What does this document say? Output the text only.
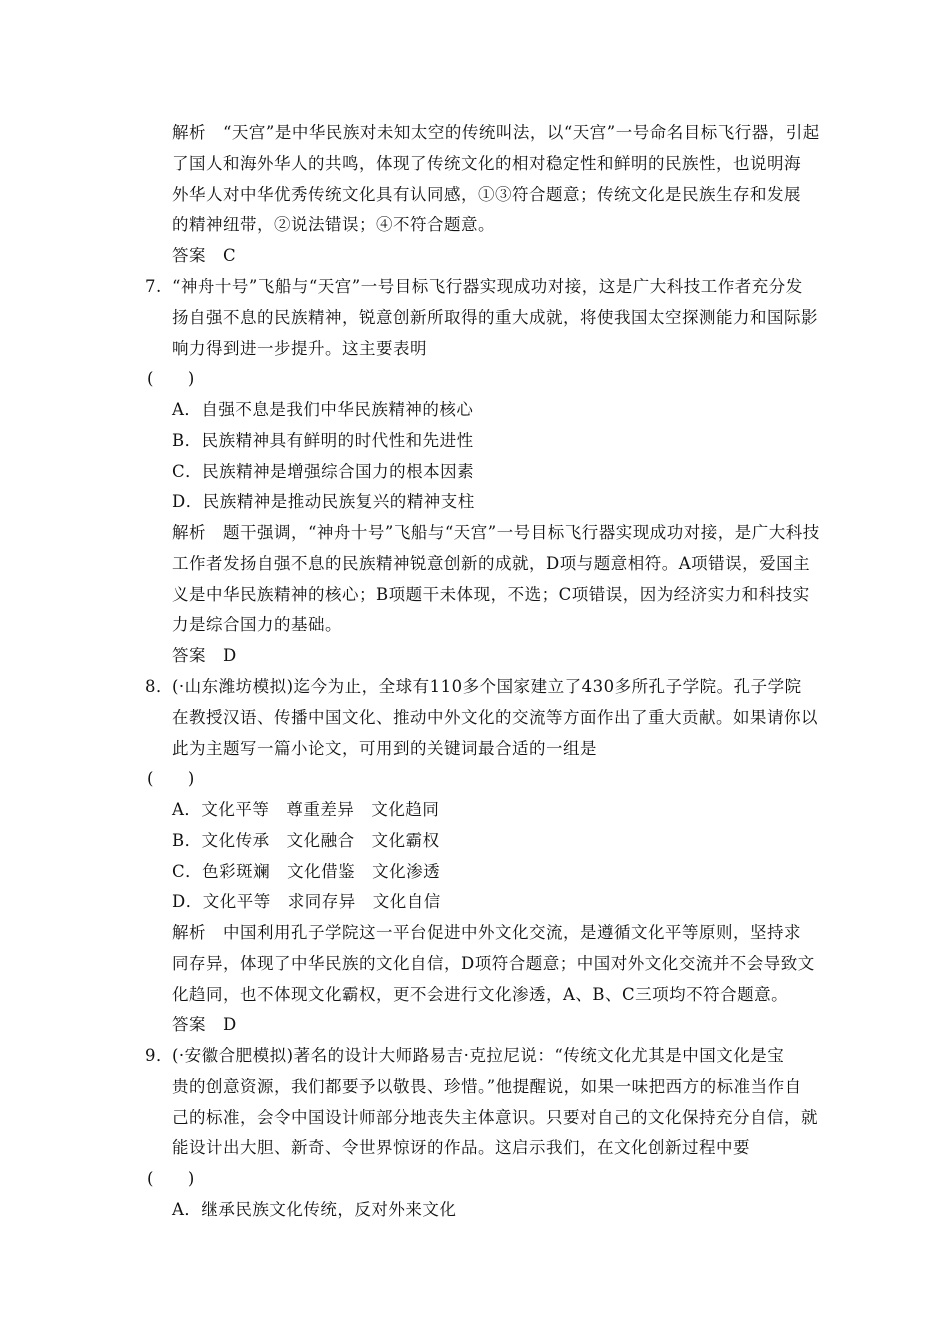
解析　“天宫”是中华民族对未知太空的传统叫法，以“天宫”一号命名目标飞行器，引起
了国人和海外华人的共鸣，体现了传统文化的相对稳定性和鲜明的民族性，也说明海
外华人对中华优秀传统文化具有认同感，①③符合题意；传统文化是民族生存和发展
的精神纽带，②说法错误；④不符合题意。
答案　C
7. “神舟十号”飞船与“天宫”一号目标飞行器实现成功对接，这是广大科技工作者充分发
扬自强不息的民族精神，锐意创新所取得的重大成就，将使我国太空探测能力和国际影
响力得到进一步提升。这主要表明
(　　)
A．自强不息是我们中华民族精神的核心
B．民族精神具有鲜明的时代性和先进性
C．民族精神是增强综合国力的根本因素
D．民族精神是推动民族复兴的精神支柱
解析　题干强调，“神舟十号”飞船与“天宫”一号目标飞行器实现成功对接，是广大科技
工作者发扬自强不息的民族精神锐意创新的成就，D项与题意相符。A项错误，爱国主
义是中华民族精神的核心；B项题干未体现，不选；C项错误，因为经济实力和科技实
力是综合国力的基础。
答案　D
8． (·山东潍坊模拟)迄今为止，全球有110多个国家建立了430多所孔子学院。孔子学院
在教授汉语、传播中国文化、推动中外文化的交流等方面作出了重大贡献。如果请你以
此为主题写一篇小论文，可用到的关键词最合适的一组是
(　　)
A．文化平等　尊重差异　文化趋同
B．文化传承　文化融合　文化霸权
C．色彩斑斓　文化借鉴　文化渗透
D．文化平等　求同存异　文化自信
解析　中国利用孔子学院这一平台促进中外文化交流，是遵循文化平等原则，坚持求
同存异，体现了中华民族的文化自信，D项符合题意；中国对外文化交流并不会导致文
化趋同，也不体现文化霸权，更不会进行文化渗透，A、B、C三项均不符合题意。
答案　D
9． (·安徽合肥模拟)著名的设计大师路易吉·克拉尼说：“传统文化尤其是中国文化是宝
贵的创意资源，我们都要予以敬畏、珍惜。”他提醒说，如果一味把西方的标准当作自
己的标准，会令中国设计师部分地丧失主体意识。只要对自己的文化保持充分自信，就
能设计出大胆、新奇、令世界惊讶的作品。这启示我们，在文化创新过程中要
(　　)
A．继承民族文化传统，反对外来文化
